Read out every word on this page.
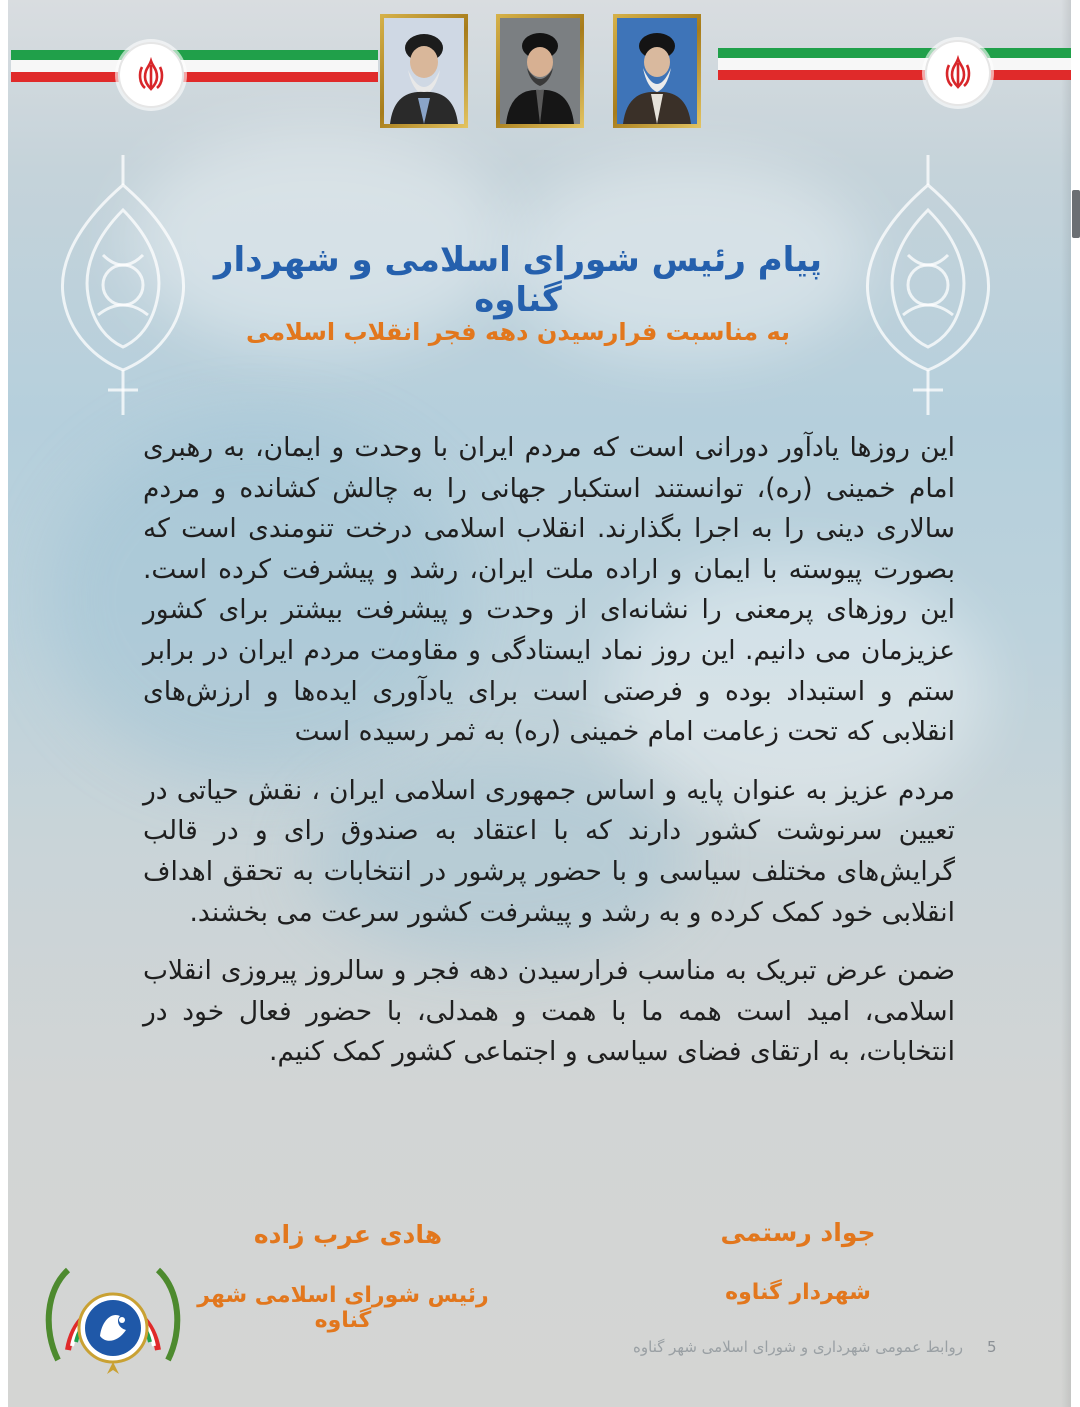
پیام رئیس شورای اسلامی و شهردار گناوه
به مناسبت فرارسیدن دهه فجر انقلاب اسلامی

این روزها یادآور دورانی است که مردم ایران با وحدت و ایمان، به رهبری امام خمینی (ره)، توانستند استکبار جهانی را به چالش کشانده و مردم سالاری دینی را به اجرا بگذارند. انقلاب اسلامی درخت تنومندی است که بصورت پیوسته با ایمان و اراده ملت ایران، رشد و پیشرفت کرده است. این روزهای پرمعنی را نشانه‌ای از وحدت و پیشرفت بیشتر برای کشور عزیزمان می دانیم. این روز نماد ایستادگی و مقاومت مردم ایران در برابر ستم و استبداد بوده و فرصتی است برای یادآوری ایده‌ها و ارزش‌های انقلابی که تحت زعامت امام خمینی (ره) به ثمر رسیده است

مردم عزیز به عنوان پایه و اساس جمهوری اسلامی ایران ، نقش حیاتی در تعیین سرنوشت کشور دارند که با اعتقاد به صندوق رای و در قالب گرایش‌های مختلف سیاسی و با حضور پرشور در انتخابات به تحقق اهداف انقلابی خود کمک کرده و به رشد و پیشرفت کشور سرعت می بخشند.

ضمن عرض تبریک به مناسب فرارسیدن دهه فجر و سالروز پیروزی انقلاب اسلامی، امید است همه ما با همت و همدلی، با حضور فعال خود در انتخابات، به ارتقای فضای سیاسی و اجتماعی کشور کمک کنیم.

جواد رستمی
شهردار گناوه
هادی عرب زاده
رئیس شورای اسلامی شهر گناوه
روابط عمومی شهرداری و شورای اسلامی شهر گناوه 5
